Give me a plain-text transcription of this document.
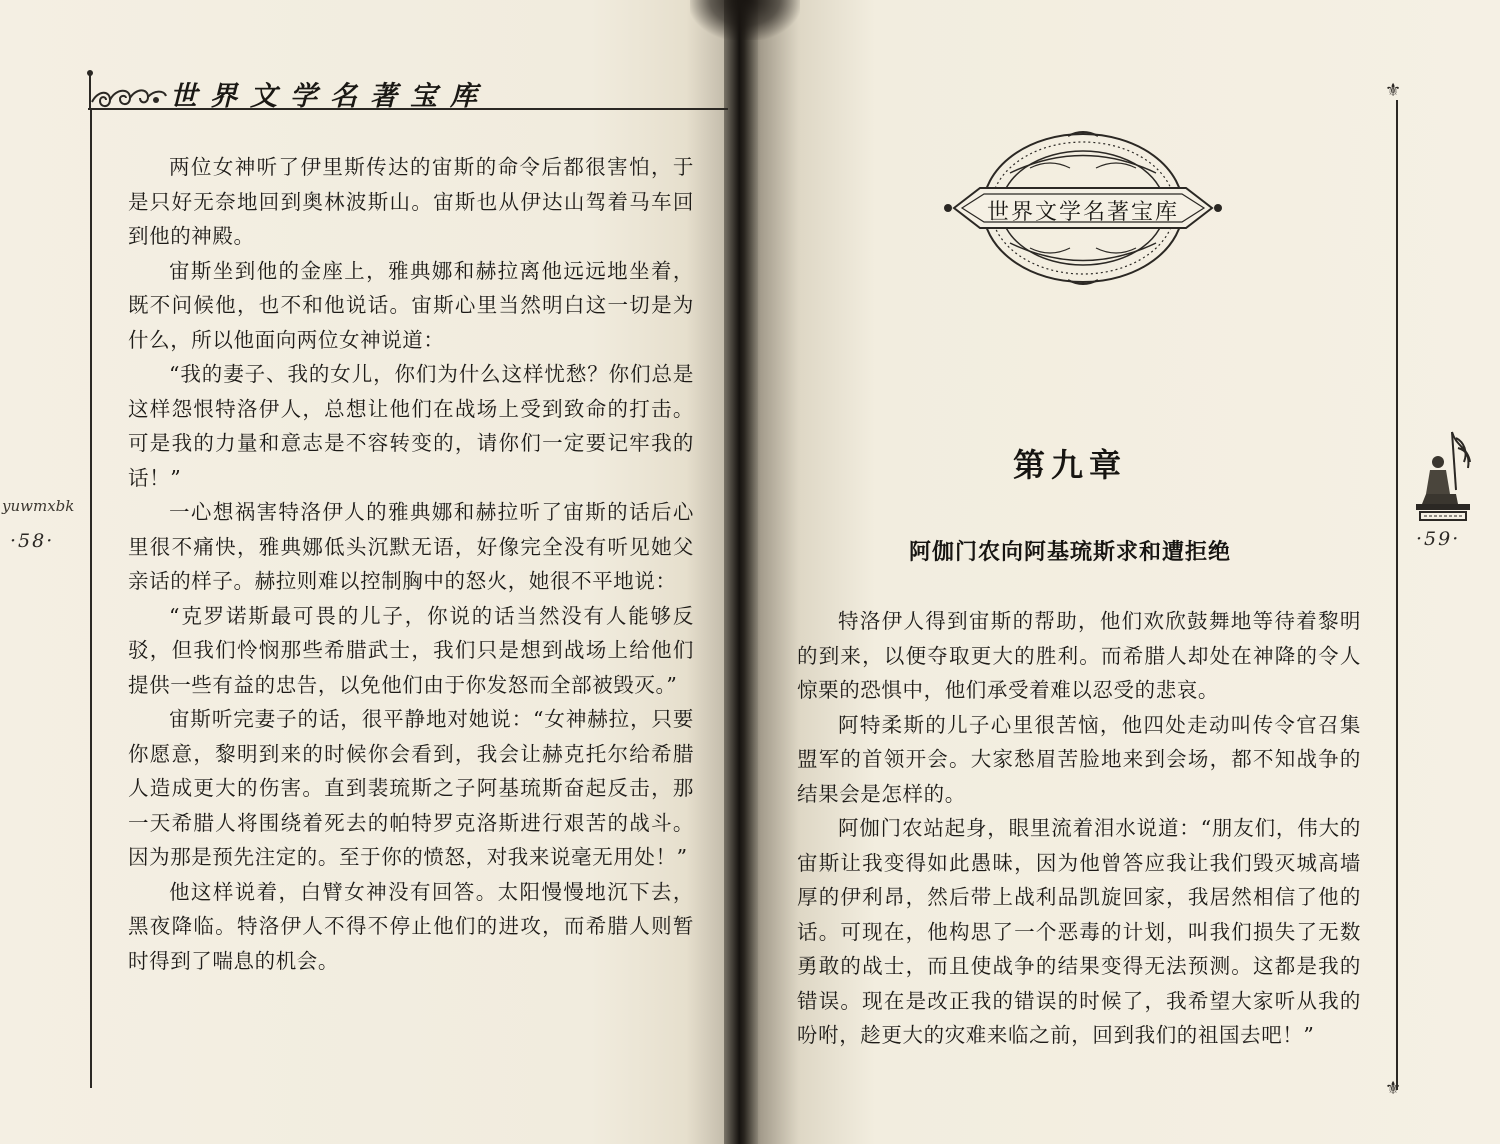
世界文学名著宝库
yuwmxbk
·58·

两位女神听了伊里斯传达的宙斯的命令后都很害怕，于是只好无奈地回到奥林波斯山。宙斯也从伊达山驾着马车回到他的神殿。

宙斯坐到他的金座上，雅典娜和赫拉离他远远地坐着，既不问候他，也不和他说话。宙斯心里当然明白这一切是为什么，所以他面向两位女神说道：

“我的妻子、我的女儿，你们为什么这样忧愁？你们总是这样怨恨特洛伊人，总想让他们在战场上受到致命的打击。可是我的力量和意志是不容转变的，请你们一定要记牢我的话！”

一心想祸害特洛伊人的雅典娜和赫拉听了宙斯的话后心里很不痛快，雅典娜低头沉默无语，好像完全没有听见她父亲话的样子。赫拉则难以控制胸中的怒火，她很不平地说：

“克罗诺斯最可畏的儿子，你说的话当然没有人能够反驳，但我们怜悯那些希腊武士，我们只是想到战场上给他们提供一些有益的忠告，以免他们由于你发怒而全部被毁灭。”

宙斯听完妻子的话，很平静地对她说：“女神赫拉，只要你愿意，黎明到来的时候你会看到，我会让赫克托尔给希腊人造成更大的伤害。直到裴琉斯之子阿基琉斯奋起反击，那一天希腊人将围绕着死去的帕特罗克洛斯进行艰苦的战斗。因为那是预先注定的。至于你的愤怒，对我来说毫无用处！”

他这样说着，白臂女神没有回答。太阳慢慢地沉下去，黑夜降临。特洛伊人不得不停止他们的进攻，而希腊人则暂时得到了喘息的机会。

⚜
⚜
·59·
世界文学名著宝库
第九章
阿伽门农向阿基琉斯求和遭拒绝

特洛伊人得到宙斯的帮助，他们欢欣鼓舞地等待着黎明的到来，以便夺取更大的胜利。而希腊人却处在神降的令人惊栗的恐惧中，他们承受着难以忍受的悲哀。

阿特柔斯的儿子心里很苦恼，他四处走动叫传令官召集盟军的首领开会。大家愁眉苦脸地来到会场，都不知战争的结果会是怎样的。

阿伽门农站起身，眼里流着泪水说道：“朋友们，伟大的宙斯让我变得如此愚昧，因为他曾答应我让我们毁灭城高墙厚的伊利昂，然后带上战利品凯旋回家，我居然相信了他的话。可现在，他构思了一个恶毒的计划，叫我们损失了无数勇敢的战士，而且使战争的结果变得无法预测。这都是我的错误。现在是改正我的错误的时候了，我希望大家听从我的吩咐，趁更大的灾难来临之前，回到我们的祖国去吧！”
